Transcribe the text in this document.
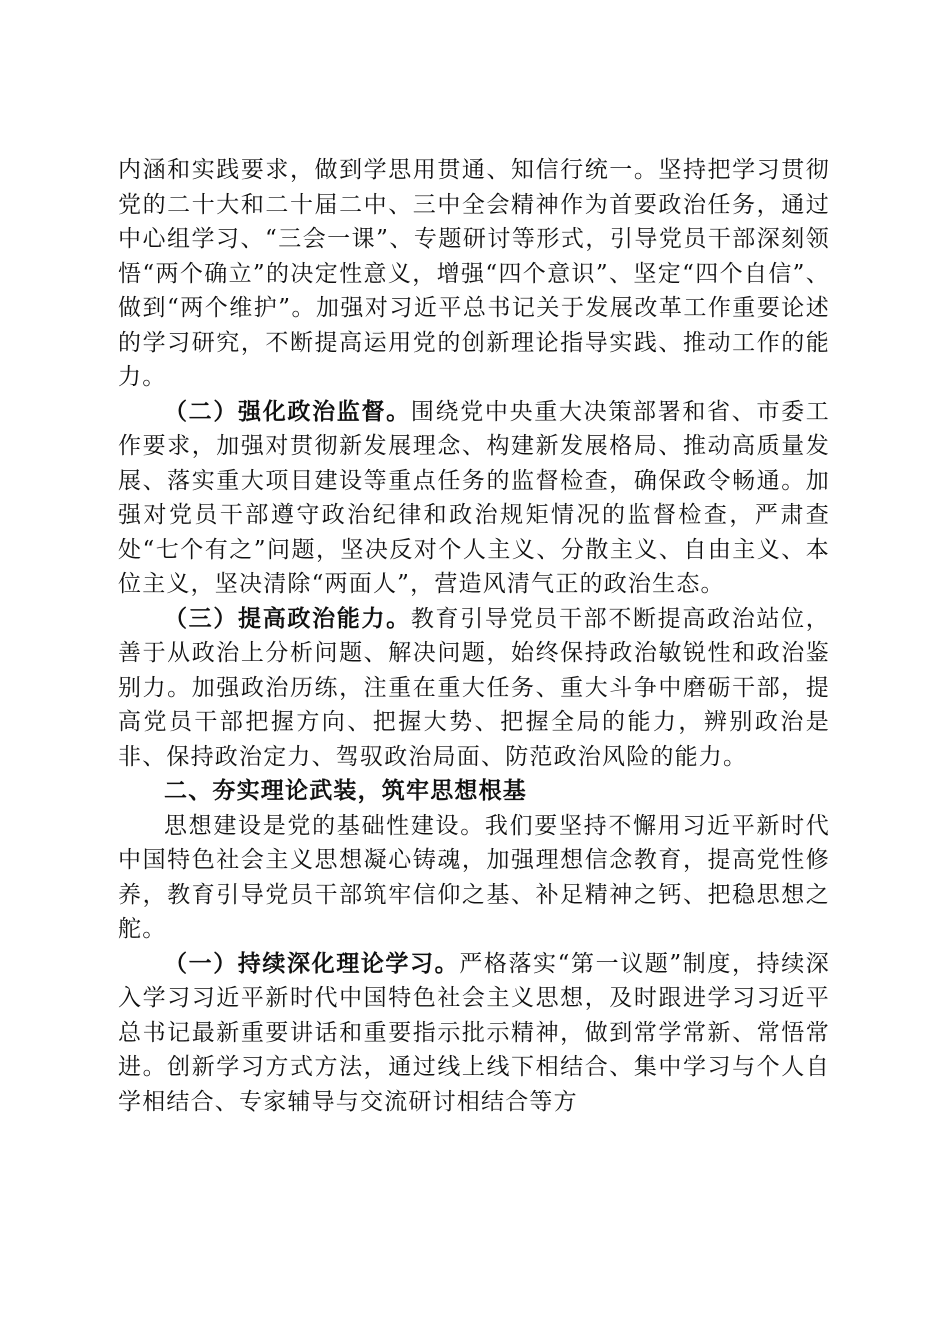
内涵和实践要求，做到学思用贯通、知信行统一。坚持把学习贯彻党的二十大和二十届二中、三中全会精神作为首要政治任务，通过中心组学习、“三会一课”、专题研讨等形式，引导党员干部深刻领悟“两个确立”的决定性意义，增强“四个意识”、坚定“四个自信”、做到“两个维护”。加强对习近平总书记关于发展改革工作重要论述的学习研究，不断提高运用党的创新理论指导实践、推动工作的能力。

（二）强化政治监督。围绕党中央重大决策部署和省、市委工作要求，加强对贯彻新发展理念、构建新发展格局、推动高质量发展、落实重大项目建设等重点任务的监督检查，确保政令畅通。加强对党员干部遵守政治纪律和政治规矩情况的监督检查，严肃查处“七个有之”问题，坚决反对个人主义、分散主义、自由主义、本位主义，坚决清除“两面人”，营造风清气正的政治生态。

（三）提高政治能力。教育引导党员干部不断提高政治站位，善于从政治上分析问题、解决问题，始终保持政治敏锐性和政治鉴别力。加强政治历练，注重在重大任务、重大斗争中磨砺干部，提高党员干部把握方向、把握大势、把握全局的能力，辨别政治是非、保持政治定力、驾驭政治局面、防范政治风险的能力。

二、夯实理论武装，筑牢思想根基

思想建设是党的基础性建设。我们要坚持不懈用习近平新时代中国特色社会主义思想凝心铸魂，加强理想信念教育，提高党性修养，教育引导党员干部筑牢信仰之基、补足精神之钙、把稳思想之舵。

（一）持续深化理论学习。严格落实“第一议题”制度，持续深入学习习近平新时代中国特色社会主义思想，及时跟进学习习近平总书记最新重要讲话和重要指示批示精神，做到常学常新、常悟常进。创新学习方式方法，通过线上线下相结合、集中学习与个人自学相结合、专家辅导与交流研讨相结合等方
